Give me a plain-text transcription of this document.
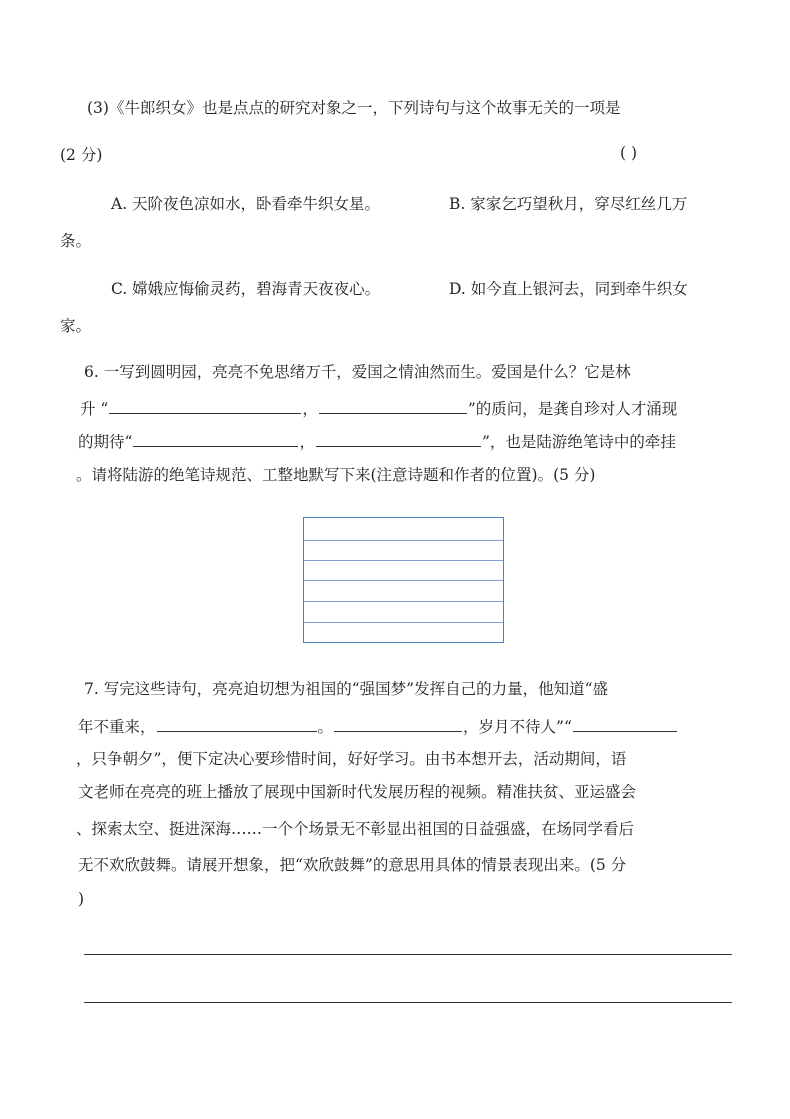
(3)《牛郎织女》也是点点的研究对象之一，下列诗句与这个故事无关的一项是
(2 分)	( )
A. 天阶夜色凉如水，卧看牵牛织女星。	B. 家家乞巧望秋月，穿尽红丝几万
条。
C. 嫦娥应悔偷灵药，碧海青天夜夜心。	D. 如今直上银河去，同到牵牛织女
家。
6. 一写到圆明园，亮亮不免思绪万千，爱国之情油然而生。爱国是什么？它是林
升 “	，	”的质问，是龚自珍对人才涌现
的期待“	，	”，也是陆游绝笔诗中的牵挂
。请将陆游的绝笔诗规范、工整地默写下来(注意诗题和作者的位置)。(5 分)
7. 写完这些诗句，亮亮迫切想为祖国的“强国梦”发挥自己的力量，他知道“盛
年不重来，	。	，岁月不待人”“
，只争朝夕”，便下定决心要珍惜时间，好好学习。由书本想开去，活动期间，语
文老师在亮亮的班上播放了展现中国新时代发展历程的视频。精准扶贫、亚运盛会
、探索太空、挺进深海……一个个场景无不彰显出祖国的日益强盛，在场同学看后
无不欢欣鼓舞。请展开想象，把“欢欣鼓舞”的意思用具体的情景表现出来。(5 分
)
